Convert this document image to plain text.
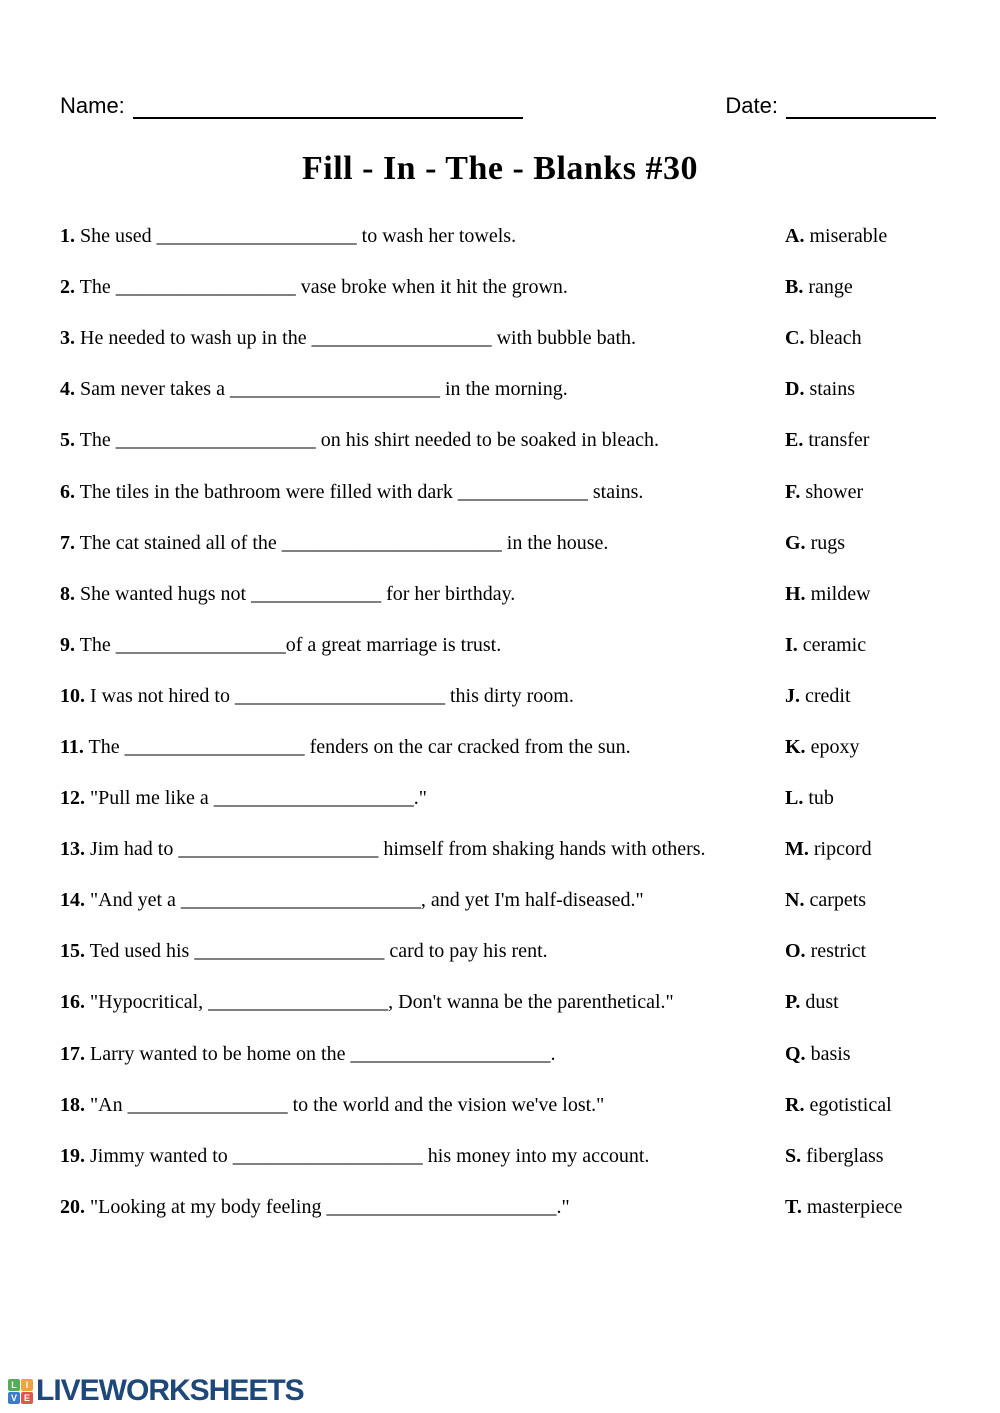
Name:	Date:
Fill - In - The - Blanks #30
1. She used ____________________ to wash her towels.	A. miserable
2. The __________________ vase broke when it hit the grown.	B. range
3. He needed to wash up in the __________________ with bubble bath.	C. bleach
4. Sam never takes a _____________________ in the morning.	D. stains
5. The ____________________ on his shirt needed to be soaked in bleach.	E. transfer
6. The tiles in the bathroom were filled with dark _____________ stains.	F. shower
7. The cat stained all of the ______________________ in the house.	G. rugs
8. She wanted hugs not _____________ for her birthday.	H. mildew
9. The _________________of a great marriage is trust.	I. ceramic
10. I was not hired to _____________________ this dirty room.	J. credit
11. The __________________ fenders on the car cracked from the sun.	K. epoxy
12. "Pull me like a ____________________."	L. tub
13. Jim had to ____________________ himself from shaking hands with others.	M. ripcord
14. "And yet a ________________________, and yet I'm half-diseased."	N. carpets
15. Ted used his ___________________ card to pay his rent.	O. restrict
16. "Hypocritical, __________________, Don't wanna be the parenthetical."	P. dust
17. Larry wanted to be home on the ____________________.	Q. basis
18. "An ________________ to the world and the vision we've lost."	R. egotistical
19. Jimmy wanted to ___________________ his money into my account.	S. fiberglass
20. "Looking at my body feeling _______________________."	T. masterpiece
L I
V E LIVEWORKSHEETS
